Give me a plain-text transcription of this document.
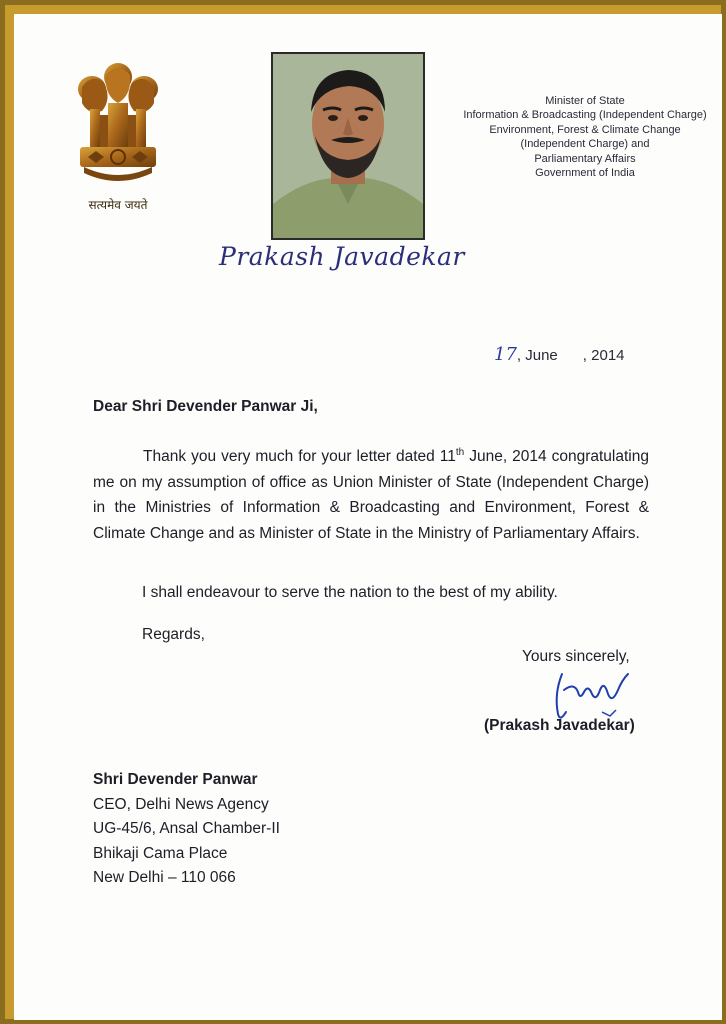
सत्यमेव जयते
Prakash Javadekar
Minister of State
Information & Broadcasting (Independent Charge)
Environment, Forest & Climate Change
(Independent Charge) and
Parliamentary Affairs
Government of India
17, June , 2014
Dear Shri Devender Panwar Ji,

Thank you very much for your letter dated 11th June, 2014 congratulating me on my assumption of office as Union Minister of State (Independent Charge) in the Ministries of Information & Broadcasting and Environment, Forest & Climate Change and as Minister of State in the Ministry of Parliamentary Affairs.

I shall endeavour to serve the nation to the best of my ability.
Regards,
Yours sincerely,
(Prakash Javadekar)
Shri Devender Panwar
CEO, Delhi News Agency
UG-45/6, Ansal Chamber-II
Bhikaji Cama Place
New Delhi – 110 066
